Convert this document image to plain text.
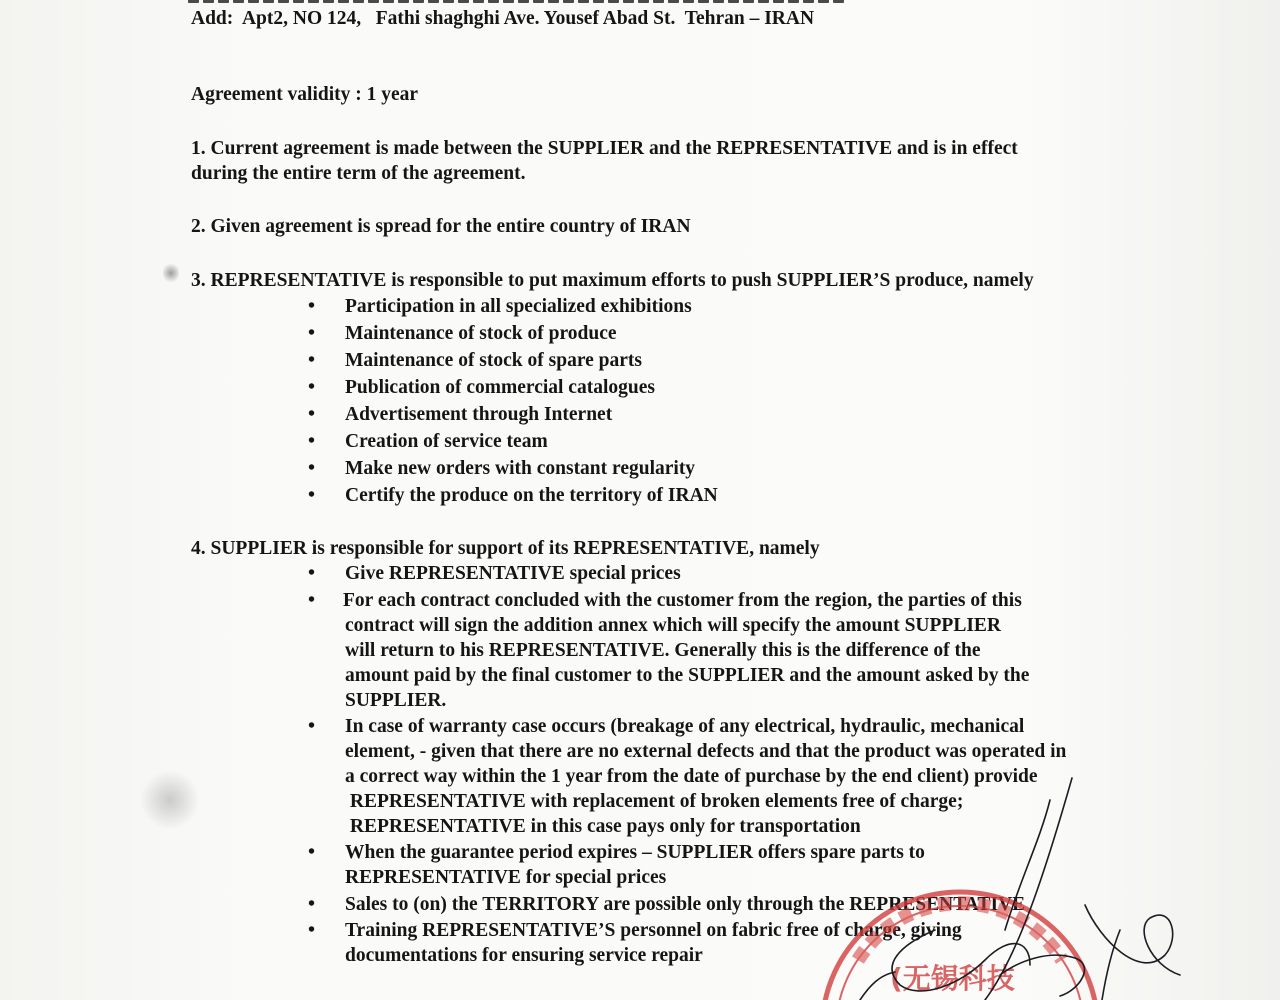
Add:  Apt2, NO 124,   Fathi shaghghi Ave. Yousef Abad St.  Tehran – IRAN

Agreement validity : 1 year

1. Current agreement is made between the SUPPLIER and the REPRESENTATIVE and is in effect

during the entire term of the agreement.

2. Given agreement is spread for the entire country of IRAN

3. REPRESENTATIVE is responsible to put maximum efforts to push SUPPLIER’S produce, namely

• Participation in all specialized exhibitions
• Maintenance of stock of produce
• Maintenance of stock of spare parts
• Publication of commercial catalogues
• Advertisement through Internet
• Creation of service team
• Make new orders with constant regularity
• Certify the produce on the territory of IRAN

4. SUPPLIER is responsible for support of its REPRESENTATIVE, namely

• Give REPRESENTATIVE special prices
• For each contract concluded with the customer from the region, the parties of this
contract will sign the addition annex which will specify the amount SUPPLIER
will return to his REPRESENTATIVE. Generally this is the difference of the
amount paid by the final customer to the SUPPLIER and the amount asked by the
SUPPLIER.
• In case of warranty case occurs (breakage of any electrical, hydraulic, mechanical
element, - given that there are no external defects and that the product was operated in
a correct way within the 1 year from the date of purchase by the end client) provide
REPRESENTATIVE with replacement of broken elements free of charge;
REPRESENTATIVE in this case pays only for transportation
• When the guarantee period expires – SUPPLIER offers spare parts to
REPRESENTATIVE for special prices
• Sales to (on) the TERRITORY are possible only through the REPRESENTATIVE
• Training REPRESENTATIVE’S personnel on fabric free of charge, giving
documentations for ensuring service repair
(无锡科技
